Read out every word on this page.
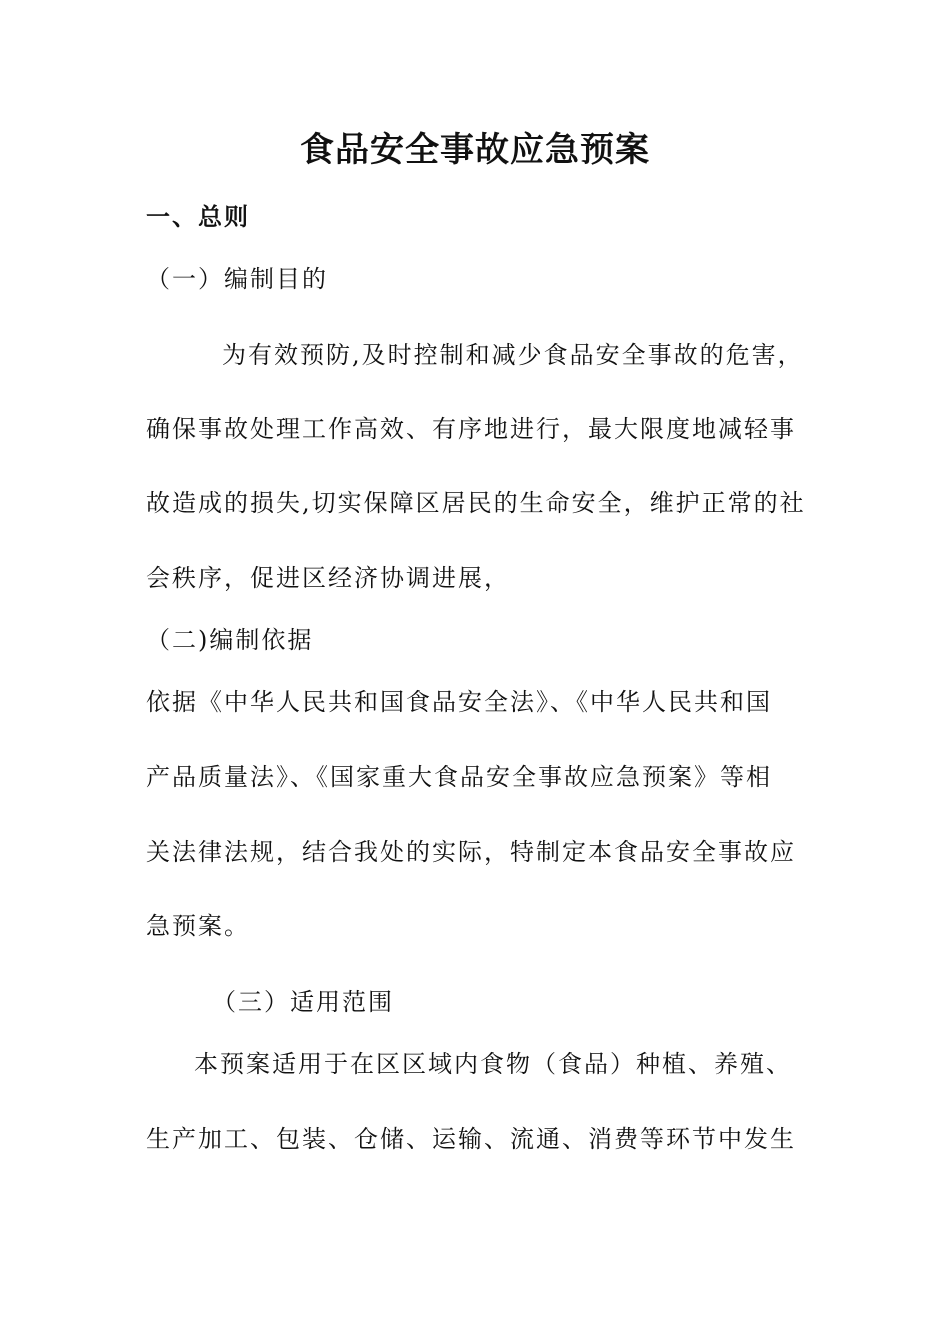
食品安全事故应急预案
一、总则
（一）编制目的
为有效预防,及时控制和减少食品安全事故的危害，
确保事故处理工作高效、有序地进行，最大限度地减轻事
故造成的损失,切实保障区居民的生命安全，维护正常的社
会秩序，促进区经济协调进展，
（二)编制依据
依据《中华人民共和国食品安全法》、《中华人民共和国
产品质量法》、《国家重大食品安全事故应急预案》等相
关法律法规，结合我处的实际，特制定本食品安全事故应
急预案。
（三）适用范围
本预案适用于在区区域内食物（食品）种植、养殖、
生产加工、包装、仓储、运输、流通、消费等环节中发生
